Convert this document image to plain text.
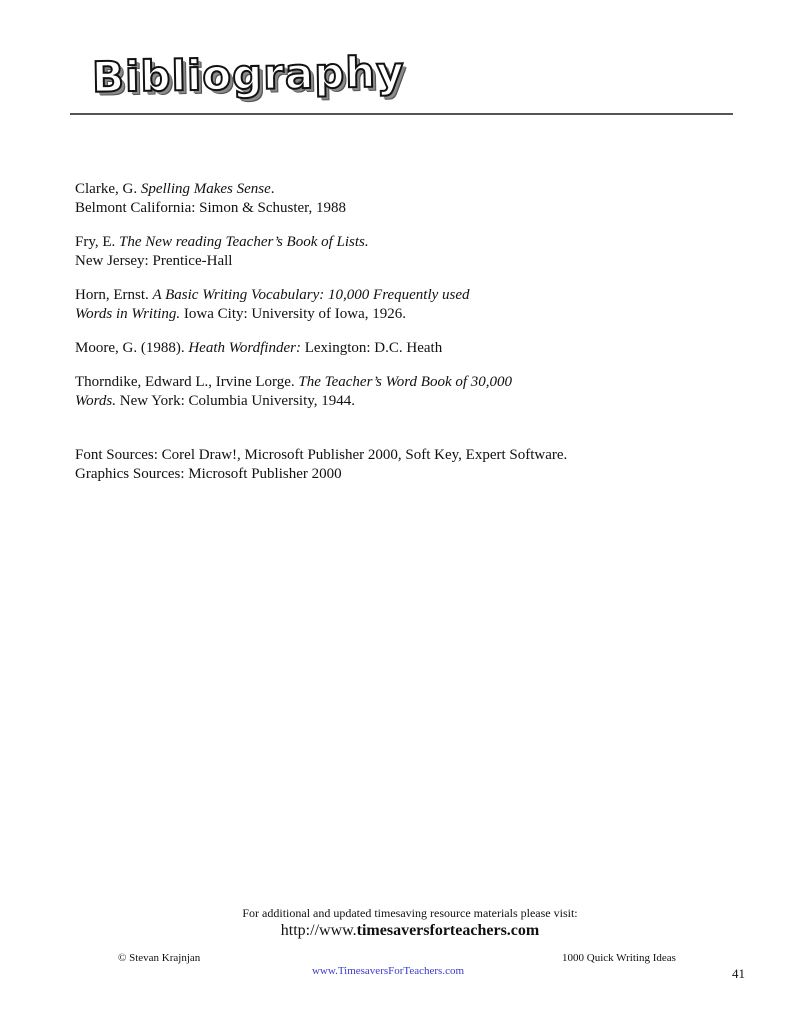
Bibliography
Clarke, G. Spelling Makes Sense.
Belmont California: Simon & Schuster, 1988
Fry, E. The New reading Teacher’s Book of Lists.
New Jersey: Prentice-Hall
Horn, Ernst. A Basic Writing Vocabulary: 10,000 Frequently used
Words in Writing. Iowa City: University of Iowa, 1926.
Moore, G. (1988). Heath Wordfinder: Lexington: D.C. Heath
Thorndike, Edward L., Irvine Lorge. The Teacher’s Word Book of 30,000
Words. New York: Columbia University, 1944.
Font Sources: Corel Draw!, Microsoft Publisher 2000, Soft Key, Expert Software.
Graphics Sources: Microsoft Publisher 2000
For additional and updated timesaving resource materials please visit:
http://www.timesaversforteachers.com
© Stevan Krajnjan	1000 Quick Writing Ideas
www.TimesaversForTeachers.com	41
